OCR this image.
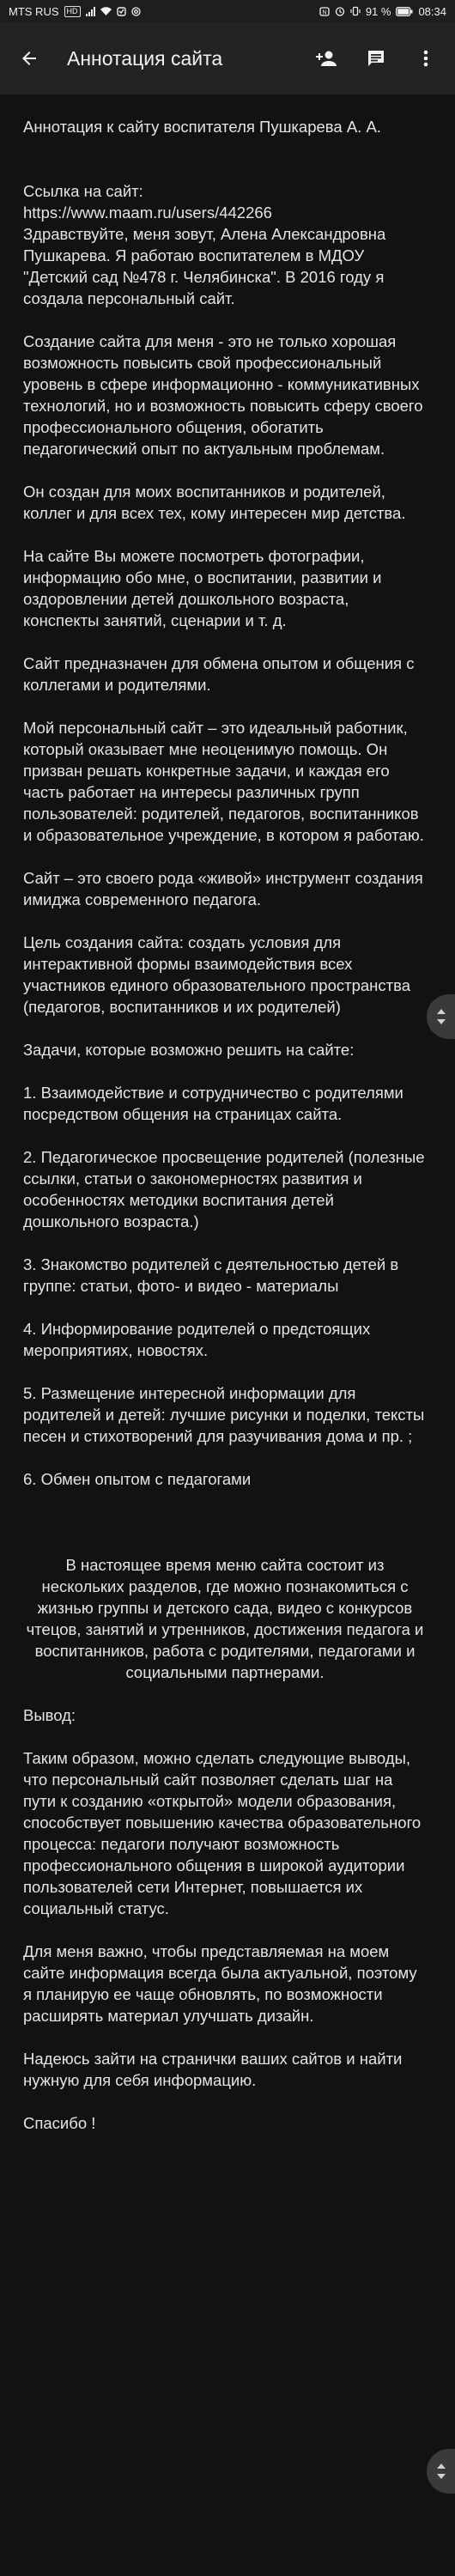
MTS RUS	HD	N	91 % 08:34
Аннотация сайта

Аннотация к сайту воспитателя Пушкарева А. А.

Ссылка на сайт:
https://www.maam.ru/users/442266
Здравствуйте, меня зовут, Алена Александровна Пушкарева. Я работаю воспитателем в МДОУ "Детский сад №478 г. Челябинска". В 2016 году я создала персональный сайт.

Создание сайта для меня - это не только хорошая возможность повысить свой профессиональный уровень в сфере информационно - коммуникативных технологий, но и возможность повысить сферу своего профессионального общения, обогатить педагогический опыт по актуальным проблемам.

Он создан для моих воспитанников и родителей, коллег и для всех тех, кому интересен мир детства.

На сайте Вы можете посмотреть фотографии, информацию обо мне, о воспитании, развитии и оздоровлении детей дошкольного возраста, конспекты занятий, сценарии и т. д.

Сайт предназначен для обмена опытом и общения с коллегами и родителями.

Мой персональный сайт – это идеальный работник, который оказывает мне неоценимую помощь. Он призван решать конкретные задачи, и каждая его часть работает на интересы различных групп пользователей: родителей, педагогов, воспитанников и образовательное учреждение, в котором я работаю.

Сайт – это своего рода «живой» инструмент создания имиджа современного педагога.

Цель создания сайта: создать условия для интерактивной формы взаимодействия всех участников единого образовательного пространства (педагогов, воспитанников и их родителей)

Задачи, которые возможно решить на сайте:

1. Взаимодействие и сотрудничество с родителями посредством общения на страницах сайта.

2. Педагогическое просвещение родителей (полезные ссылки, статьи о закономерностях развития и особенностях методики воспитания детей дошкольного возраста.)

3. Знакомство родителей с деятельностью детей в группе: статьи, фото- и видео - материалы

4. Информирование родителей о предстоящих мероприятиях, новостях.

5. Размещение интересной информации для родителей и детей: лучшие рисунки и поделки, тексты песен и стихотворений для разучивания дома и пр. ;

6. Обмен опытом с педагогами

В настоящее время меню сайта состоит из нескольких разделов, где можно познакомиться с жизнью группы и детского сада, видео с конкурсов чтецов, занятий и утренников, достижения педагога и воспитанников, работа с родителями, педагогами и социальными партнерами.

Вывод:

Таким образом, можно сделать следующие выводы, что персональный сайт позволяет сделать шаг на пути к созданию «открытой» модели образования, способствует повышению качества образовательного процесса: педагоги получают возможность профессионального общения в широкой аудитории пользователей сети Интернет, повышается их социальный статус.

Для меня важно, чтобы представляемая на моем сайте информация всегда была актуальной, поэтому я планирую ее чаще обновлять, по возможности расширять материал улучшать дизайн.

Надеюсь зайти на странички ваших сайтов и найти нужную для себя информацию.

Спасибо !
